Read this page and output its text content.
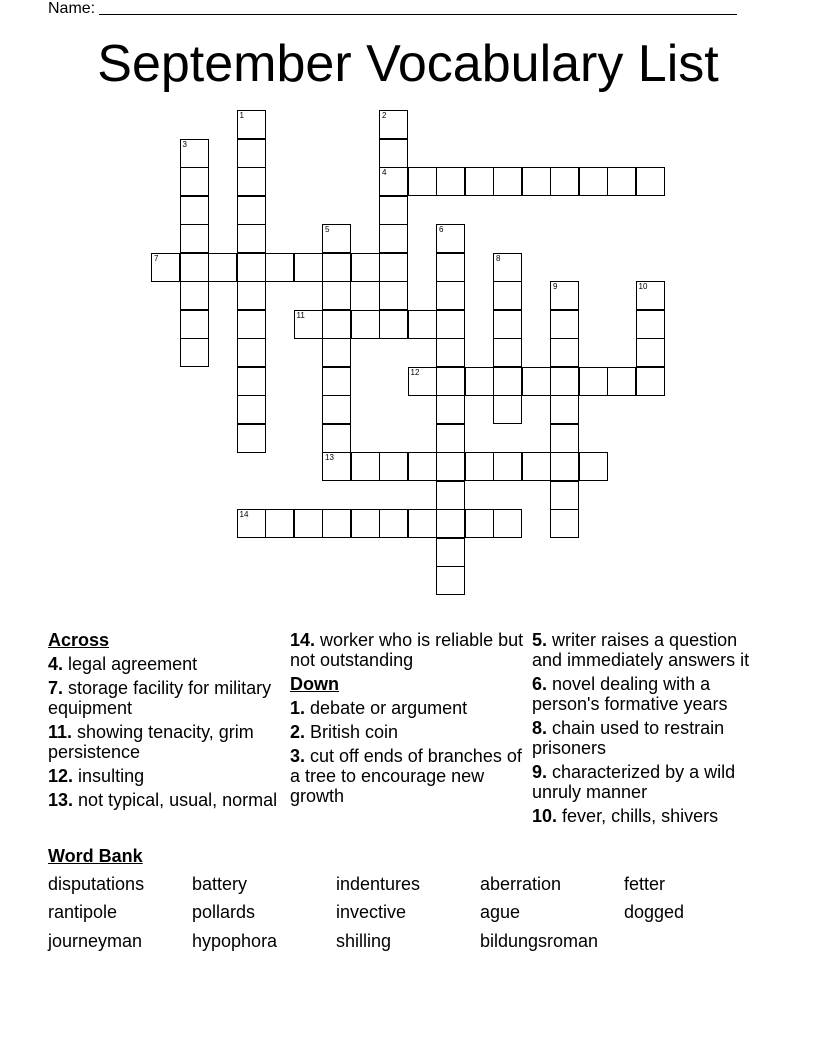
Name:
September Vocabulary List
1	2
4
3
5
13
6
7	8
9	10
11
12
14
Across
4. legal agreement
7. storage facility for military equipment
11. showing tenacity, grim persistence
12. insulting
13. not typical, usual, normal
14. worker who is reliable but not outstanding
Down
1. debate or argument
2. British coin
3. cut off ends of branches of a tree to encourage new growth
5. writer raises a question and immediately answers it
6. novel dealing with a person's formative years
8. chain used to restrain prisoners
9. characterized by a wild unruly manner
10. fever, chills, shivers
Word Bank
disputations	battery	indentures	aberration	fetter
rantipole	pollards	invective	ague	dogged
journeyman	hypophora	shilling	bildungsroman
